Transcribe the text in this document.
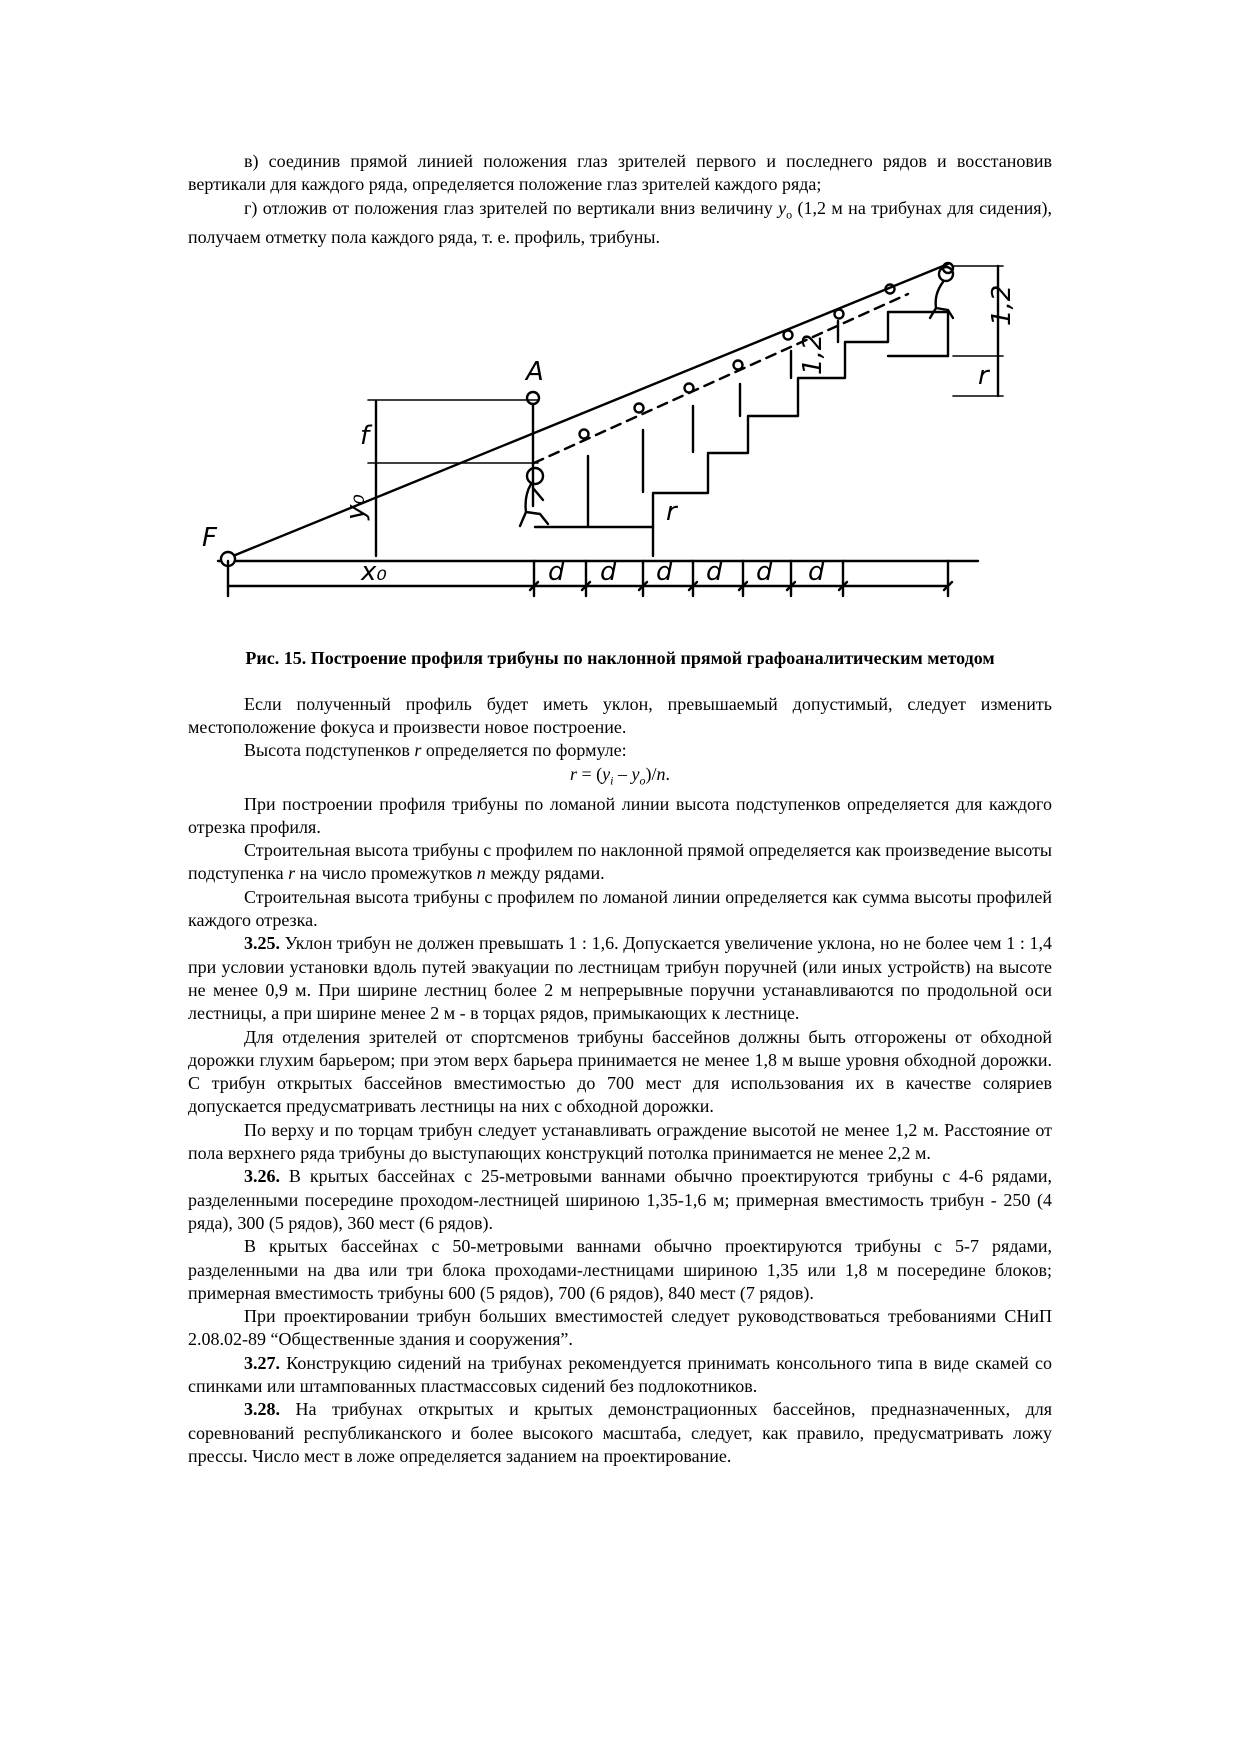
в) соединив прямой линией положения глаз зрителей первого и последнего рядов и восстановив вертикали для каждого ряда, определяется положение глаз зрителей каждого ряда;

г) отложив от положения глаз зрителей по вертикали вниз величину $y_o$ (1,2 м на трибунах для сидения), получаем отметку пола каждого ряда, т. е. профиль, трибуны.

F
A
f
y₀
x₀	d d d d d d
r
r
1,2
1,2

Рис. 15. Построение профиля трибуны по наклонной прямой графоаналитическим методом

Если полученный профиль будет иметь уклон, превышаемый допустимый, следует изменить местоположение фокуса и произвести новое построение.

Высота подступенков r определяется по формуле:

$r = (y_i - y_o)/n$.

При построении профиля трибуны по ломаной линии высота подступенков определяется для каждого отрезка профиля.

Строительная высота трибуны с профилем по наклонной прямой определяется как произведение высоты подступенка r на число промежутков n между рядами.

Строительная высота трибуны с профилем по ломаной линии определяется как сумма высоты профилей каждого отрезка.

3.25. Уклон трибун не должен превышать 1 : 1,6. Допускается увеличение уклона, но не более чем 1 : 1,4 при условии установки вдоль путей эвакуации по лестницам трибун поручней (или иных устройств) на высоте не менее 0,9 м. При ширине лестниц более 2 м непрерывные поручни устанавливаются по продольной оси лестницы, а при ширине менее 2 м - в торцах рядов, примыкающих к лестнице.

Для отделения зрителей от спортсменов трибуны бассейнов должны быть отгорожены от обходной дорожки глухим барьером; при этом верх барьера принимается не менее 1,8 м выше уровня обходной дорожки. С трибун открытых бассейнов вместимостью до 700 мест для использования их в качестве соляриев допускается предусматривать лестницы на них с обходной дорожки.

По верху и по торцам трибун следует устанавливать ограждение высотой не менее 1,2 м. Расстояние от пола верхнего ряда трибуны до выступающих конструкций потолка принимается не менее 2,2 м.

3.26. В крытых бассейнах с 25-метровыми ваннами обычно проектируются трибуны с 4-6 рядами, разделенными посередине проходом-лестницей шириною 1,35-1,6 м; примерная вместимость трибун - 250 (4 ряда), 300 (5 рядов), 360 мест (6 рядов).

В крытых бассейнах с 50-метровыми ваннами обычно проектируются трибуны с 5-7 рядами, разделенными на два или три блока проходами-лестницами шириною 1,35 или 1,8 м посередине блоков; примерная вместимость трибуны 600 (5 рядов), 700 (6 рядов), 840 мест (7 рядов).

При проектировании трибун больших вместимостей следует руководствоваться требованиями СНиП 2.08.02-89 “Общественные здания и сооружения”.

3.27. Конструкцию сидений на трибунах рекомендуется принимать консольного типа в виде скамей со спинками или штампованных пластмассовых сидений без подлокотников.

3.28. На трибунах открытых и крытых демонстрационных бассейнов, предназначенных, для соревнований республиканского и более высокого масштаба, следует, как правило, предусматривать ложу прессы. Число мест в ложе определяется заданием на проектирование.
